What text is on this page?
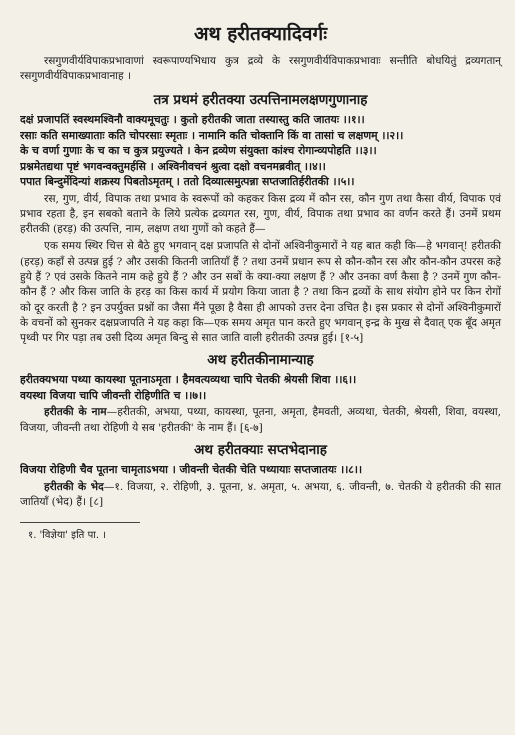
अथ हरीतक्यादिवर्गः

रसगुणवीर्यविपाकप्रभावाणां स्वरूपाण्यभिधाय कुत्र द्रव्ये के रसगुणवीर्यविपाकप्रभावाः सन्तीति बोधयितुं द्रव्यगतान् रसगुणवीर्यविपाकप्रभावानाह ।

तत्र प्रथमं हरीतक्या उत्पत्तिनामलक्षणगुणानाह

दक्षं प्रजापतिं स्वस्थमश्विनौ वाक्यमूचतुः । कुतो हरीतकी जाता तस्यास्तु कति जातयः ।।१।।

रसाः कति समाख्याताः कति चोपरसाः स्मृताः । नामानि कति चोक्तानि किं वा तासां च लक्षणम् ।।२।।

के च वर्णा गुणाः के च का च कुत्र प्रयुज्यते । केन द्रव्येण संयुक्ता कांश्च रोगान्व्यपोहति ।।३।।

प्रश्नमेतद्यथा पृष्टं भगवन्वक्तुमर्हसि । अश्विनीवचनं श्रुत्वा दक्षो वचनमब्रवीत् ।।४।।

पपात बिन्दुर्मेदिन्यां शक्रस्य पिबतोऽमृतम् । ततो दिव्यात्समुत्पन्ना सप्तजातिर्हरीतकी ।।५।।

रस, गुण, वीर्य, विपाक तथा प्रभाव के स्वरूपों को कहकर किस द्रव्य में कौन रस, कौन गुण तथा कैसा वीर्य, विपाक एवं प्रभाव रहता है, इन सबको बताने के लिये प्रत्येक द्रव्यगत रस, गुण, वीर्य, विपाक तथा प्रभाव का वर्णन करते हैं। उनमें प्रथम हरीतकी (हरड़) की उत्पत्ति, नाम, लक्षण तथा गुणों को कहते हैं—

एक समय स्थिर चित्त से बैठे हुए भगवान् दक्ष प्रजापति से दोनों अश्विनीकुमारों ने यह बात कही कि—हे भगवान्! हरीतकी (हरड़) कहाँ से उत्पन्न हुई ? और उसकी कितनी जातियाँ हैं ? तथा उनमें प्रधान रूप से कौन-कौन रस और कौन-कौन उपरस कहे हुये हैं ? एवं उसके कितने नाम कहे हुये हैं ? और उन सबों के क्या-क्या लक्षण हैं ? और उनका वर्ण कैसा है ? उनमें गुण कौन-कौन हैं ? और किस जाति के हरड़ का किस कार्य में प्रयोग किया जाता है ? तथा किन द्रव्यों के साथ संयोग होने पर किन रोगों को दूर करती है ? इन उपर्युक्त प्रश्नों का जैसा मैंने पूछा है वैसा ही आपको उत्तर देना उचित है। इस प्रकार से दोनों अश्विनीकुमारों के वचनों को सुनकर दक्षप्रजापति ने यह कहा कि—एक समय अमृत पान करते हुए भगवान् इन्द्र के मुख से दैवात् एक बूँद अमृत पृथ्वी पर गिर पड़ा तब उसी दिव्य अमृत बिन्दु से सात जाति वाली हरीतकी उत्पन्न हुई। [१-५]

अथ हरीतकीनामान्याह

हरीतक्यभया पथ्या कायस्था पूतनाऽमृता । हैमवत्यव्यथा चापि चेतकी श्रेयसी शिवा ।।६।।

वयस्था विजया चापि जीवन्ती रोहिणीति च ।।७।।

हरीतकी के नाम—हरीतकी, अभया, पथ्या, कायस्था, पूतना, अमृता, हैमवती, अव्यथा, चेतकी, श्रेयसी, शिवा, वयस्था, विजया, जीवन्ती तथा रोहिणी ये सब 'हरीतकी' के नाम हैं। [६-७]

अथ हरीतक्याः सप्तभेदानाह

विजया रोहिणी चैव पूतना चामृताऽभया । जीवन्ती चेतकी चेति पथ्यायाः सप्तजातयः ।।८।।

हरीतकी के भेद—१. विजया, २. रोहिणी, ३. पूतना, ४. अमृता, ५. अभया, ६. जीवन्ती, ७. चेतकी ये हरीतकी की सात जातियाँ (भेद) हैं। [८]

१. 'विज्ञेया' इति पा. ।
